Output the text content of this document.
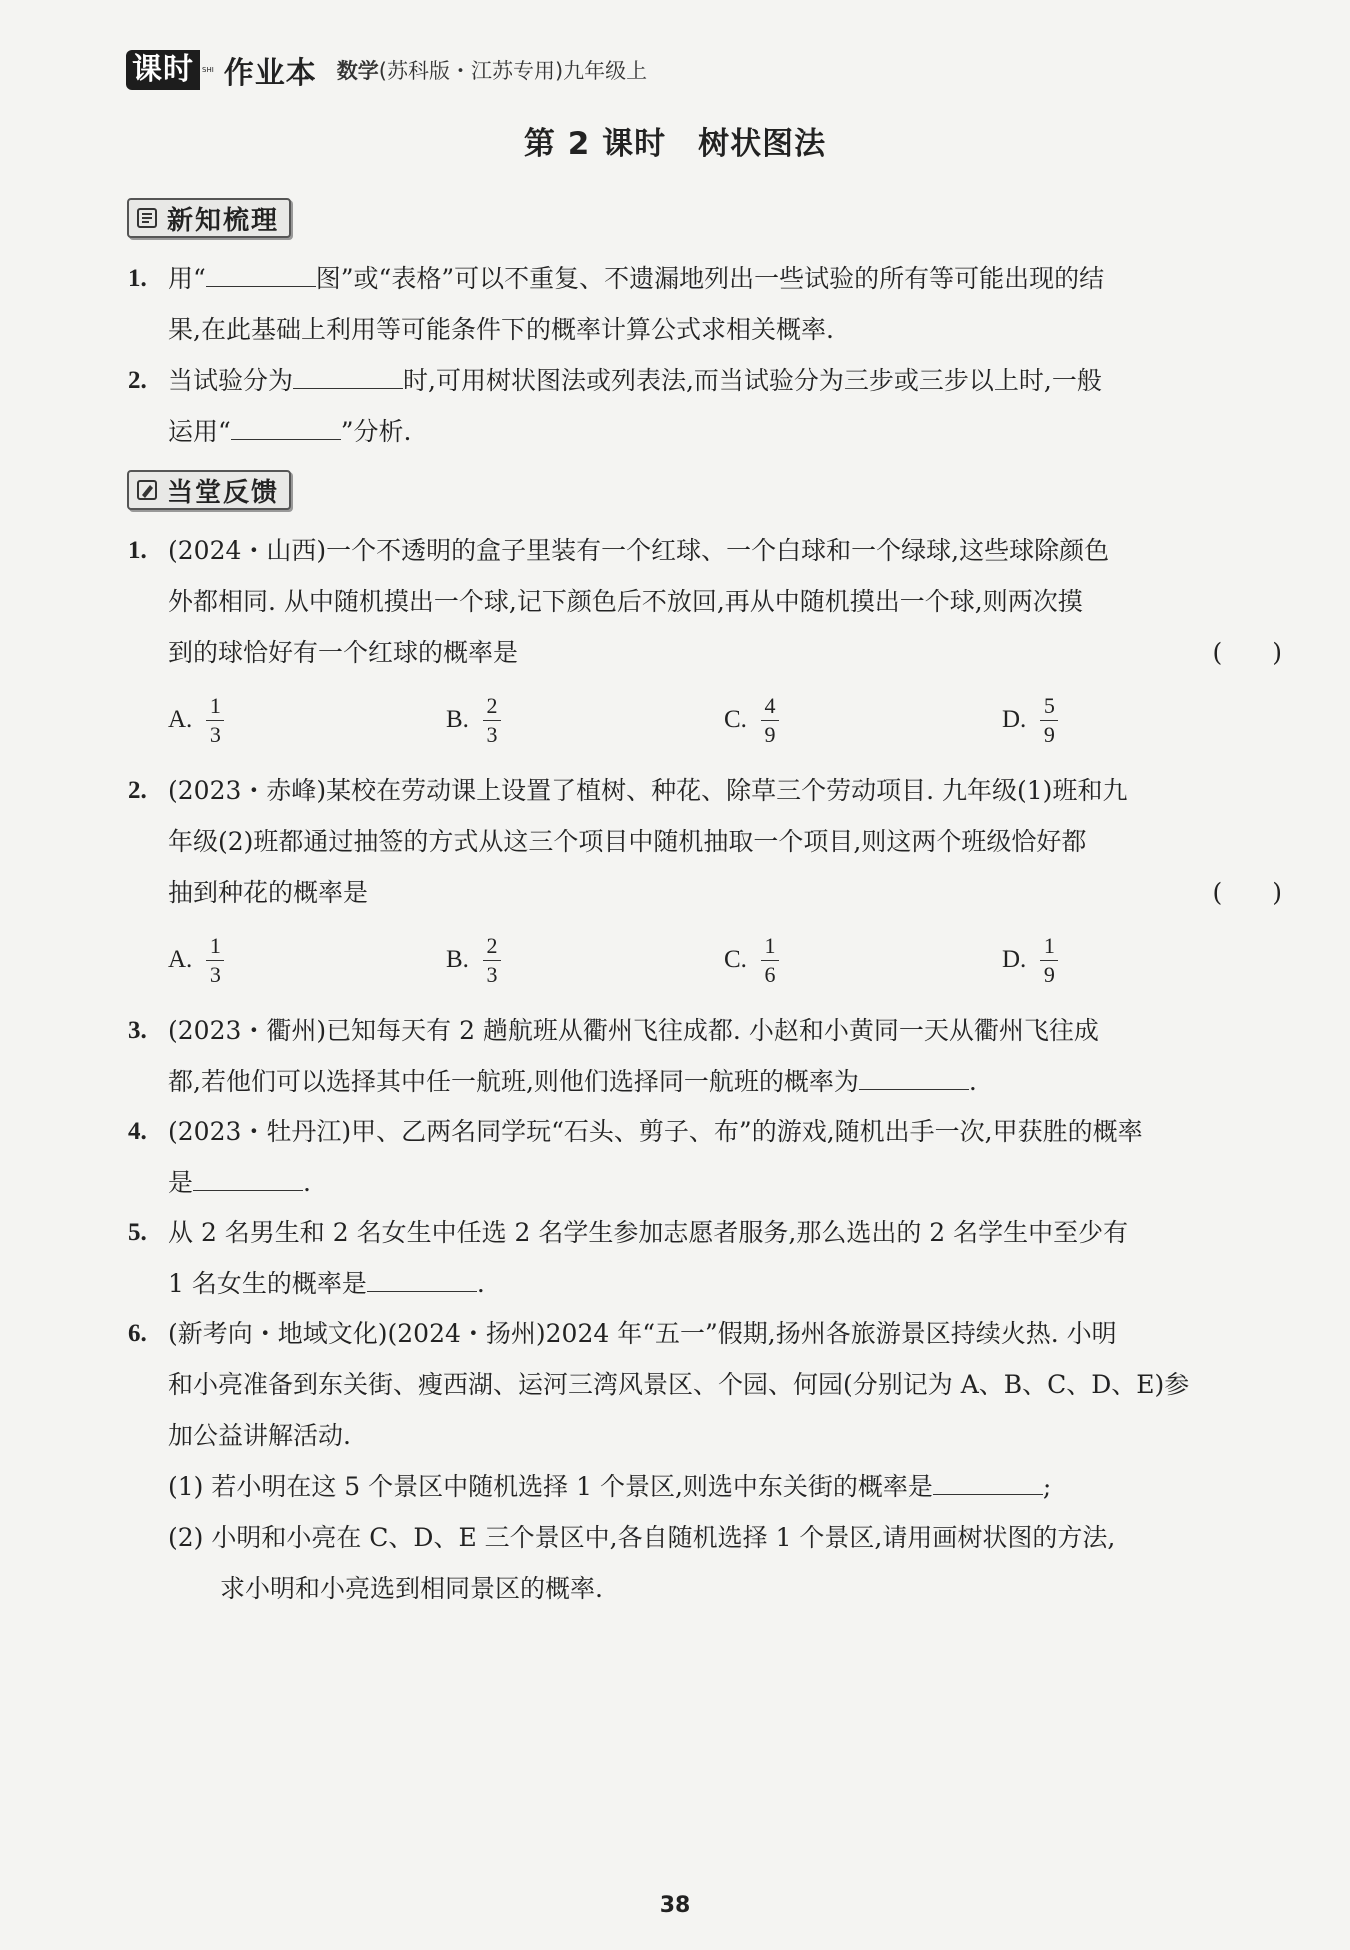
课时	SHI 作业本 数学(苏科版・江苏专用)九年级上
第 2 课时　树状图法
新知梳理
1. 用“	图”或“表格”可以不重复、不遗漏地列出一些试验的所有等可能出现的结
果,在此基础上利用等可能条件下的概率计算公式求相关概率.
2. 当试验分为	时,可用树状图法或列表法,而当试验分为三步或三步以上时,一般
运用“	”分析.
当堂反馈
1. (2024・山西)一个不透明的盒子里装有一个红球、一个白球和一个绿球,这些球除颜色
外都相同. 从中随机摸出一个球,记下颜色后不放回,再从中随机摸出一个球,则两次摸
到的球恰好有一个红球的概率是	(　　)
A. $\frac{1}{3}$	B. $\frac{2}{3}$	C. $\frac{4}{9}$	D. $\frac{5}{9}$
2. (2023・赤峰)某校在劳动课上设置了植树、种花、除草三个劳动项目. 九年级(1)班和九
年级(2)班都通过抽签的方式从这三个项目中随机抽取一个项目,则这两个班级恰好都
抽到种花的概率是	(　　)
A. $\frac{1}{3}$	B. $\frac{2}{3}$	C. $\frac{1}{6}$	D. $\frac{1}{9}$
3. (2023・衢州)已知每天有 2 趟航班从衢州飞往成都. 小赵和小黄同一天从衢州飞往成
都,若他们可以选择其中任一航班,则他们选择同一航班的概率为	.
4. (2023・牡丹江)甲、乙两名同学玩“石头、剪子、布”的游戏,随机出手一次,甲获胜的概率
是	.
5. 从 2 名男生和 2 名女生中任选 2 名学生参加志愿者服务,那么选出的 2 名学生中至少有
1 名女生的概率是	.
6. (新考向・地域文化)(2024・扬州)2024 年“五一”假期,扬州各旅游景区持续火热. 小明
和小亮准备到东关街、瘦西湖、运河三湾风景区、个园、何园(分别记为 A、B、C、D、E)参
加公益讲解活动.
(1) 若小明在这 5 个景区中随机选择 1 个景区,则选中东关街的概率是	;
(2) 小明和小亮在 C、D、E 三个景区中,各自随机选择 1 个景区,请用画树状图的方法,
求小明和小亮选到相同景区的概率.
38
